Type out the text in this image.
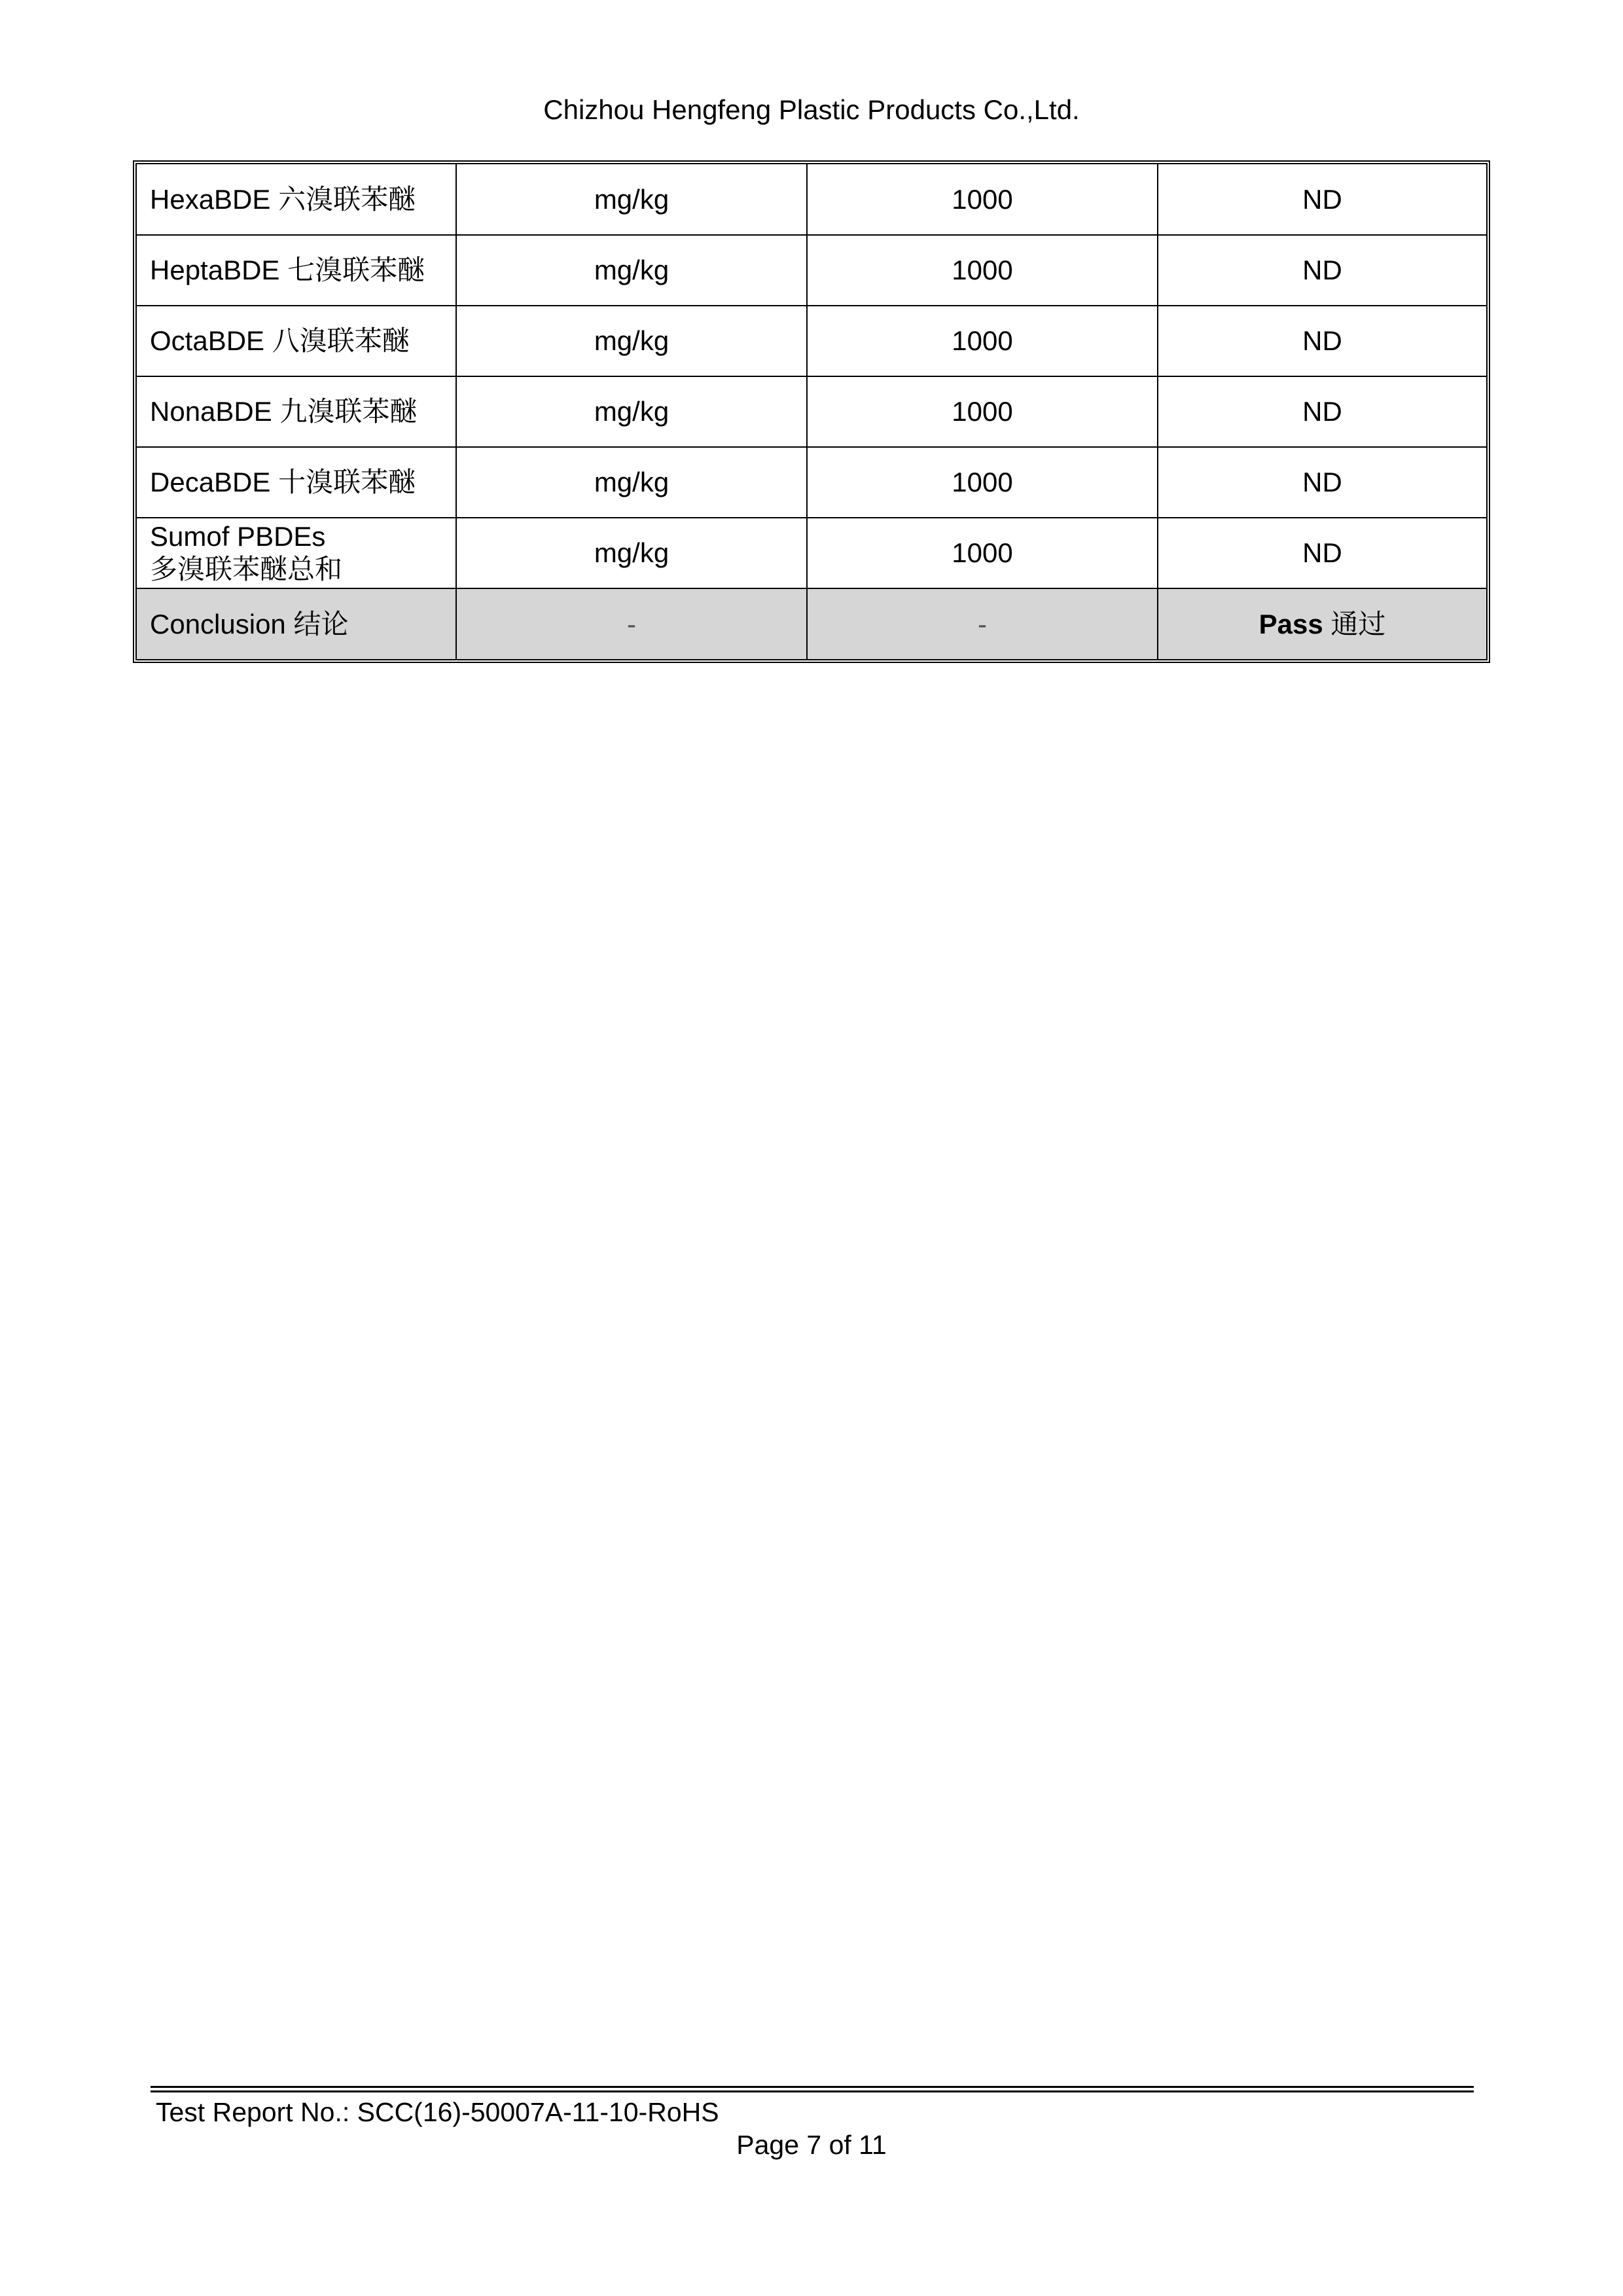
Chizhou Hengfeng Plastic Products Co.,Ltd.
HexaBDE 六溴联苯醚	mg/kg	1000	ND
HeptaBDE 七溴联苯醚	mg/kg	1000	ND
OctaBDE 八溴联苯醚	mg/kg	1000	ND
NonaBDE 九溴联苯醚	mg/kg	1000	ND
DecaBDE 十溴联苯醚	mg/kg	1000	ND

Sumof PBDEs
多溴联苯醚总和	mg/kg	1000	ND
Conclusion 结论	-	-	Pass 通过
Test Report No.: SCC(16)-50007A-11-10-RoHS
Page 7 of 11
